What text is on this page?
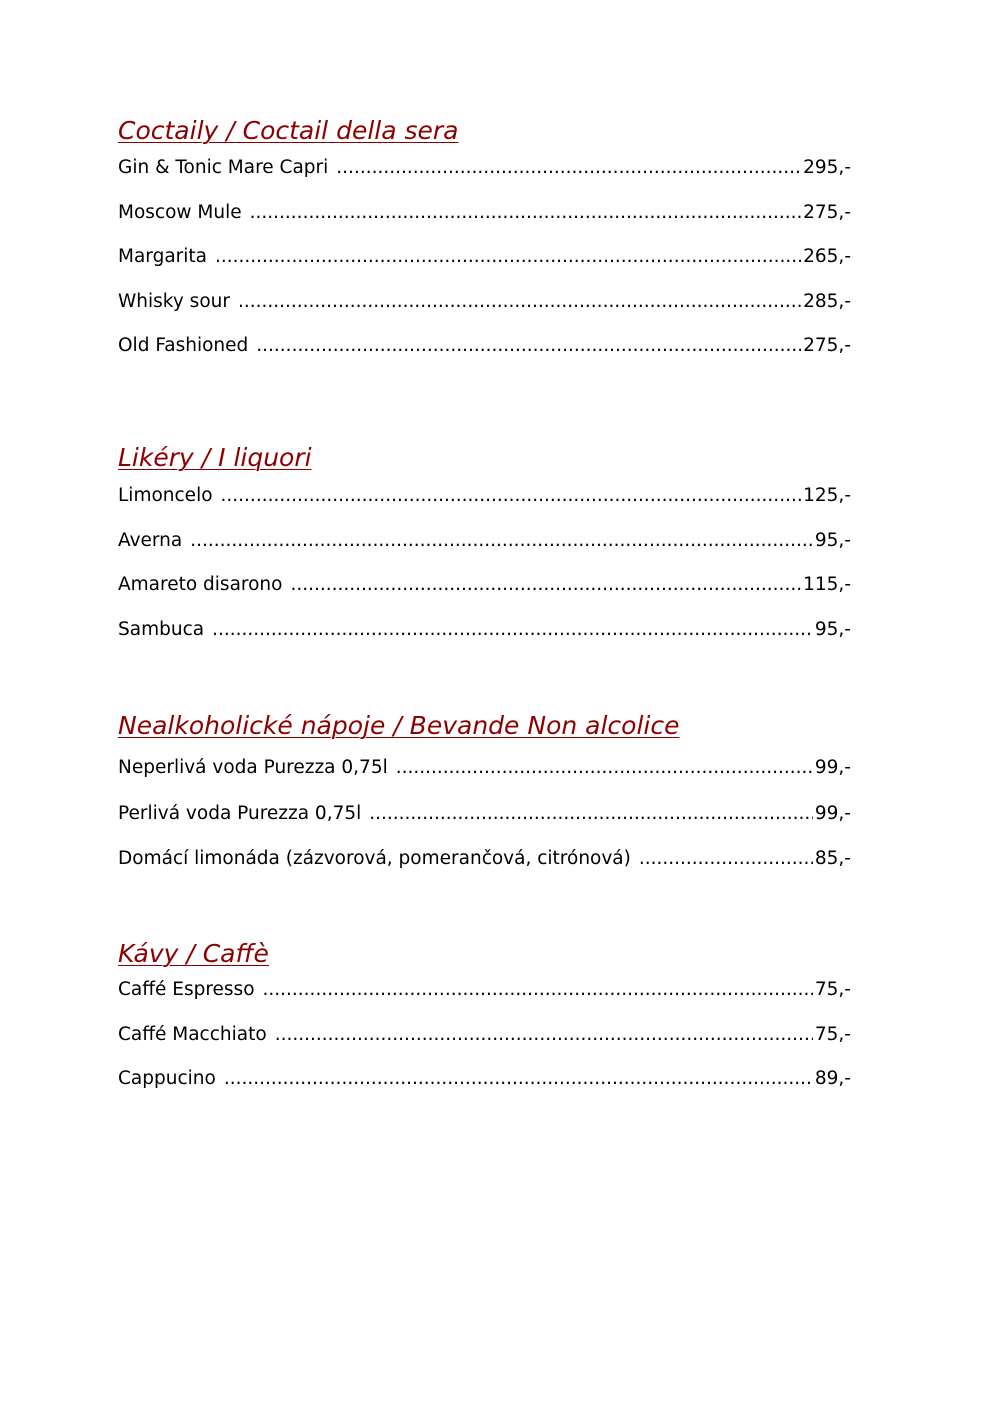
Coctaily / Coctail della sera
Gin & Tonic Mare Capri .....	295,-
Moscow Mule .....	275,-
Margarita .....	265,-
Whisky sour .....	285,-
Old Fashioned .....	275,-
Likéry / I liquori
Limoncelo .....	125,-
Averna .....	95,-
Amareto disarono .....	115,-
Sambuca .....	95,-
Nealkoholické nápoje / Bevande Non alcolice
Neperlivá voda Purezza 0,75l .....	99,-
Perlivá voda Purezza 0,75l .....	99,-
Domácí limonáda (zázvorová, pomerančová, citrónová) .....	85,-
Kávy / Caffè
Caffé Espresso .....	75,-
Caffé Macchiato .....	75,-
Cappucino .....	89,-
